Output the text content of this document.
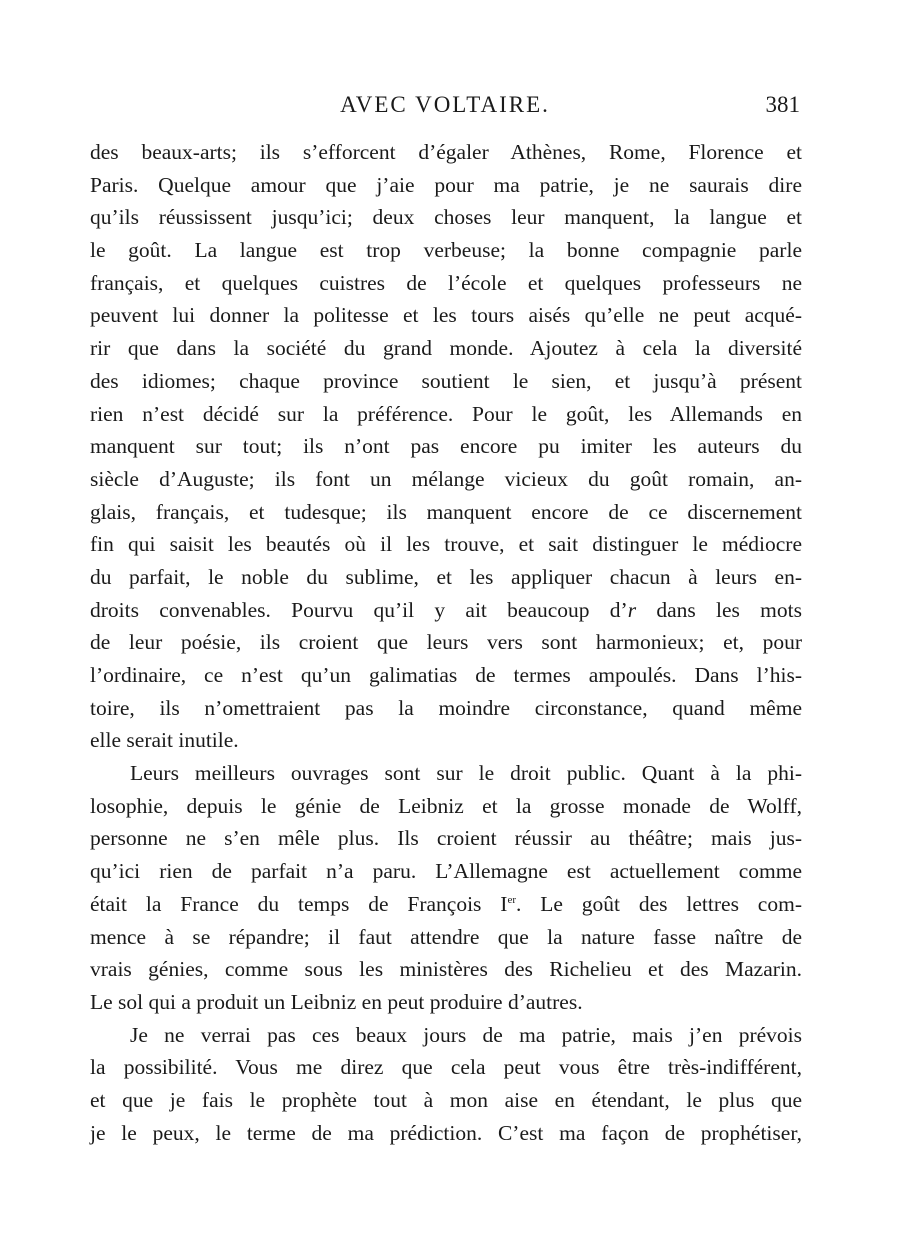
AVEC VOLTAIRE.	381
des beaux-arts; ils s’efforcent d’égaler Athènes, Rome, Florence et
Paris. Quelque amour que j’aie pour ma patrie, je ne saurais dire
qu’ils réussissent jusqu’ici; deux choses leur manquent, la langue et
le goût. La langue est trop verbeuse; la bonne compagnie parle
français, et quelques cuistres de l’école et quelques professeurs ne
peuvent lui donner la politesse et les tours aisés qu’elle ne peut acqué-
rir que dans la société du grand monde. Ajoutez à cela la diversité
des idiomes; chaque province soutient le sien, et jusqu’à présent
rien n’est décidé sur la préférence. Pour le goût, les Allemands en
manquent sur tout; ils n’ont pas encore pu imiter les auteurs du
siècle d’Auguste; ils font un mélange vicieux du goût romain, an-
glais, français, et tudesque; ils manquent encore de ce discernement
fin qui saisit les beautés où il les trouve, et sait distinguer le médiocre
du parfait, le noble du sublime, et les appliquer chacun à leurs en-
droits convenables. Pourvu qu’il y ait beaucoup d’r dans les mots
de leur poésie, ils croient que leurs vers sont harmonieux; et, pour
l’ordinaire, ce n’est qu’un galimatias de termes ampoulés. Dans l’his-
toire, ils n’omettraient pas la moindre circonstance, quand même
elle serait inutile.
Leurs meilleurs ouvrages sont sur le droit public. Quant à la phi-
losophie, depuis le génie de Leibniz et la grosse monade de Wolff,
personne ne s’en mêle plus. Ils croient réussir au théâtre; mais jus-
qu’ici rien de parfait n’a paru. L’Allemagne est actuellement comme
était la France du temps de François Ier. Le goût des lettres com-
mence à se répandre; il faut attendre que la nature fasse naître de
vrais génies, comme sous les ministères des Richelieu et des Mazarin.
Le sol qui a produit un Leibniz en peut produire d’autres.
Je ne verrai pas ces beaux jours de ma patrie, mais j’en prévois
la possibilité. Vous me direz que cela peut vous être très-indifférent,
et que je fais le prophète tout à mon aise en étendant, le plus que
je le peux, le terme de ma prédiction. C’est ma façon de prophétiser,
